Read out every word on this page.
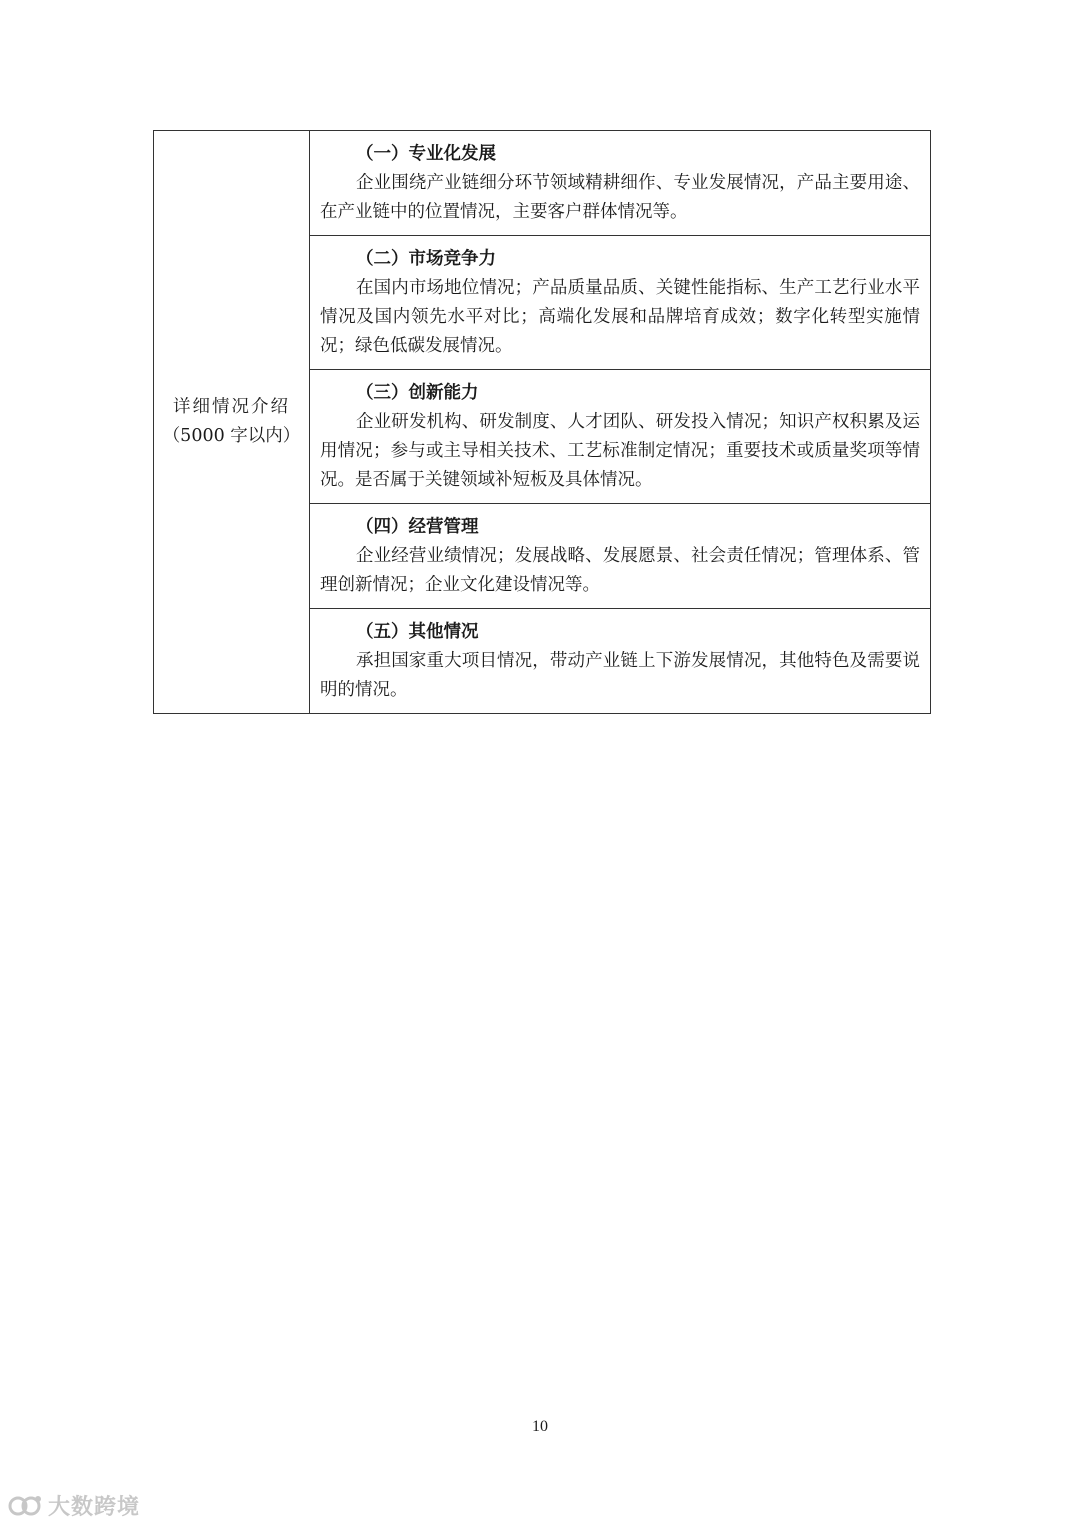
详细情况介绍
（5000 字以内）

（一）专业化发展
企业围绕产业链细分环节领域精耕细作、专业发展情况，产品主要用途、在产业链中的位置情况，主要客户群体情况等。

（二）市场竞争力
在国内市场地位情况；产品质量品质、关键性能指标、生产工艺行业水平情况及国内领先水平对比；高端化发展和品牌培育成效；数字化转型实施情况；绿色低碳发展情况。

（三）创新能力
企业研发机构、研发制度、人才团队、研发投入情况；知识产权积累及运用情况；参与或主导相关技术、工艺标准制定情况；重要技术或质量奖项等情况。是否属于关键领域补短板及具体情况。

（四）经营管理
企业经营业绩情况；发展战略、发展愿景、社会责任情况；管理体系、管理创新情况；企业文化建设情况等。

（五）其他情况
承担国家重大项目情况，带动产业链上下游发展情况，其他特色及需要说明的情况。
10
大数跨境
